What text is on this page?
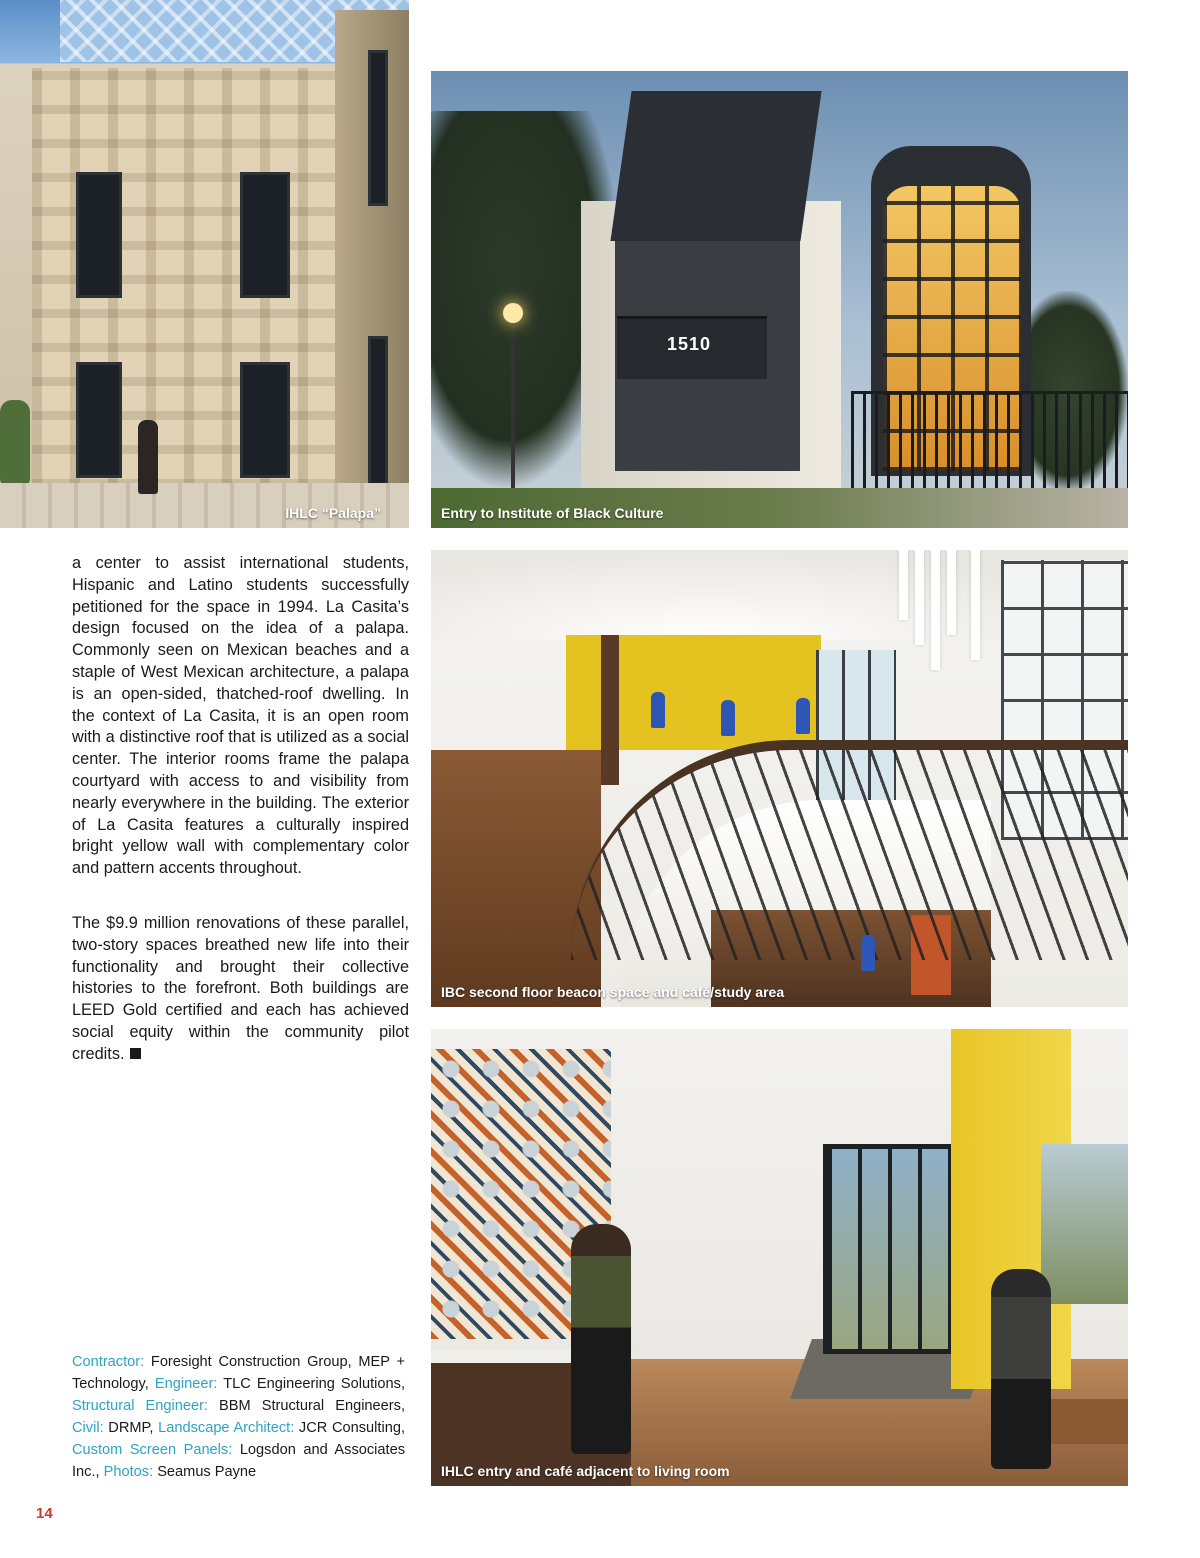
IHLC “Palapa”
1510
Entry to Institute of Black Culture
IBC second floor beacon space and café/study area
IHLC entry and café adjacent to living room

a center to assist international students, Hispanic and Latino students successfully petitioned for the space in 1994. La Casita’s design focused on the idea of a palapa. Commonly seen on Mexican beaches and a staple of West Mexican architecture, a palapa is an open-sided, thatched-roof dwelling. In the context of La Casita, it is an open room with a distinctive roof that is utilized as a social center. The interior rooms frame the palapa courtyard with access to and visibility from nearly everywhere in the building. The exterior of La Casita features a culturally inspired bright yellow wall with complementary color and pattern accents throughout.

The $9.9 million renovations of these parallel, two-story spaces breathed new life into their functionality and brought their collective histories to the forefront. Both buildings are LEED Gold certified and each has achieved social equity within the community pilot credits.

Contractor: Foresight Construction Group, MEP + Technology, Engineer: TLC Engineering Solutions, Structural Engineer: BBM Structural Engineers, Civil: DRMP, Landscape Architect: JCR Consulting, Custom Screen Panels: Logsdon and Associates Inc., Photos: Seamus Payne
14
